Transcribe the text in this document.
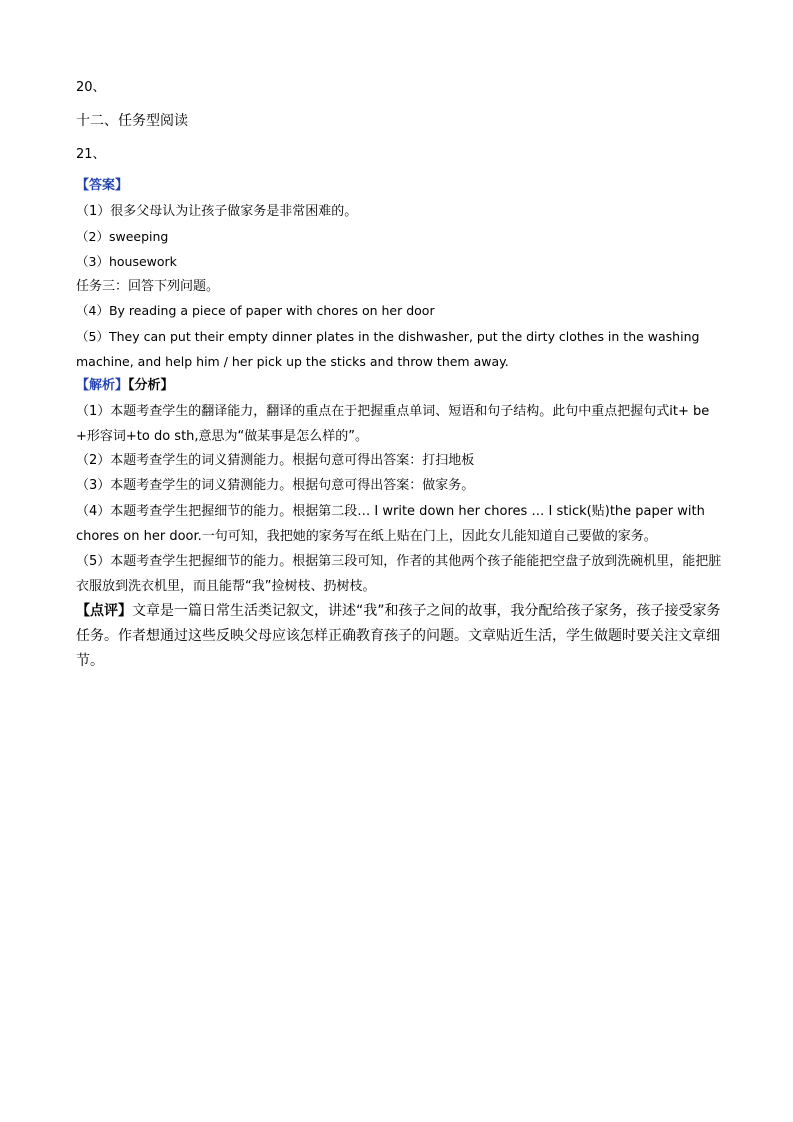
20、
十二、任务型阅读
21、
【答案】
（1）很多父母认为让孩子做家务是非常困难的。
（2）sweeping
（3）housework
任务三：回答下列问题。
（4）By reading a piece of paper with chores on her door
（5）They can put their empty dinner plates in the dishwasher, put the dirty clothes in the washing machine, and help him / her pick up the sticks and throw them away.
【解析】【分析】
（1）本题考查学生的翻译能力，翻译的重点在于把握重点单词、短语和句子结构。此句中重点把握句式it+ be +形容词+to do sth,意思为“做某事是怎么样的”。
（2）本题考查学生的词义猜测能力。根据句意可得出答案：打扫地板
（3）本题考查学生的词义猜测能力。根据句意可得出答案：做家务。
（4）本题考查学生把握细节的能力。根据第二段… I write down her chores … I stick(贴)the paper with chores on her door.一句可知，我把她的家务写在纸上贴在门上，因此女儿能知道自己要做的家务。
（5）本题考查学生把握细节的能力。根据第三段可知，作者的其他两个孩子能能把空盘子放到洗碗机里，能把脏衣服放到洗衣机里，而且能帮“我”捡树枝、扔树枝。
【点评】文章是一篇日常生活类记叙文，讲述“我”和孩子之间的故事，我分配给孩子家务，孩子接受家务任务。作者想通过这些反映父母应该怎样正确教育孩子的问题。文章贴近生活，学生做题时要关注文章细节。
